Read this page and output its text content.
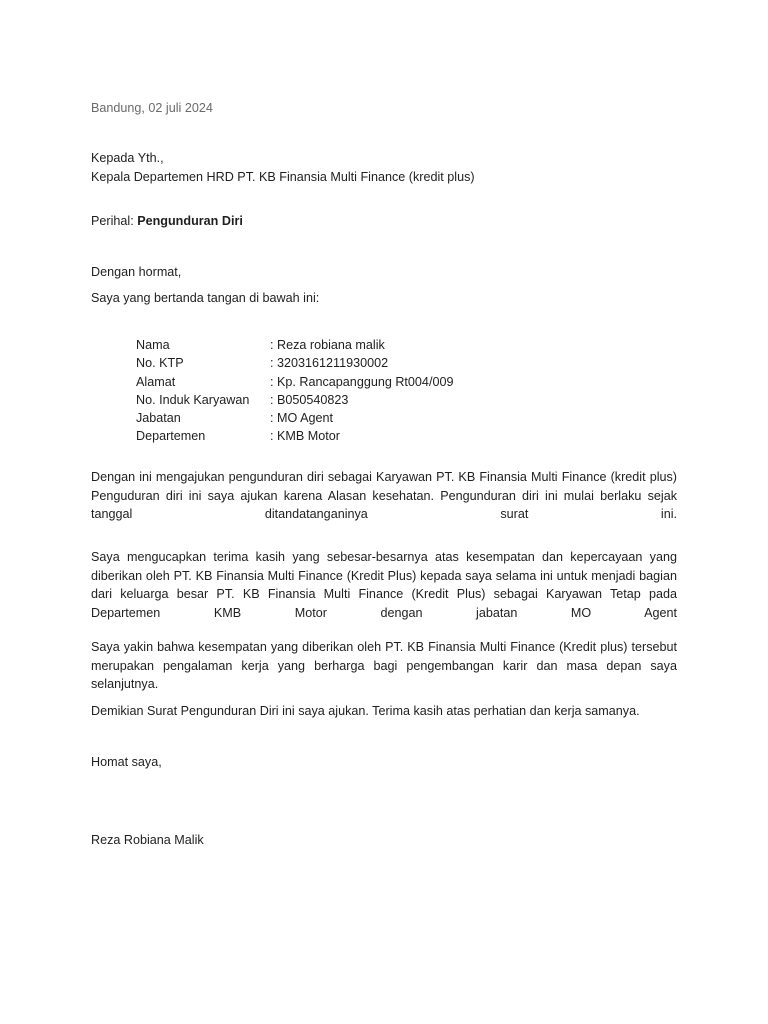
Bandung, 02 juli 2024
Kepada Yth.,
Kepala Departemen HRD PT. KB Finansia Multi Finance (kredit plus)
Perihal: Pengunduran Diri
Dengan hormat,
Saya yang bertanda tangan di bawah ini:
Nama	: Reza robiana malik
No. KTP	: 3203161211930002
Alamat	: Kp. Rancapanggung Rt004/009
No. Induk Karyawan : B050540823
Jabatan	: MO Agent
Departemen	: KMB Motor
Dengan ini mengajukan pengunduran diri sebagai Karyawan PT. KB Finansia Multi Finance (kredit plus) Penguduran diri ini saya ajukan karena Alasan kesehatan. Pengunduran diri ini mulai berlaku sejak tanggal ditandatanganinya surat ini.
Saya mengucapkan terima kasih yang sebesar-besarnya atas kesempatan dan kepercayaan yang diberikan oleh PT. KB Finansia Multi Finance (Kredit Plus) kepada saya selama ini untuk menjadi bagian dari keluarga besar PT. KB Finansia Multi Finance (Kredit Plus) sebagai Karyawan Tetap pada Departemen KMB Motor dengan jabatan MO Agent
Saya yakin bahwa kesempatan yang diberikan oleh PT. KB Finansia Multi Finance (Kredit plus) tersebut merupakan pengalaman kerja yang berharga bagi pengembangan karir dan masa depan saya selanjutnya.
Demikian Surat Pengunduran Diri ini saya ajukan. Terima kasih atas perhatian dan kerja samanya.
Homat saya,
Reza Robiana Malik
